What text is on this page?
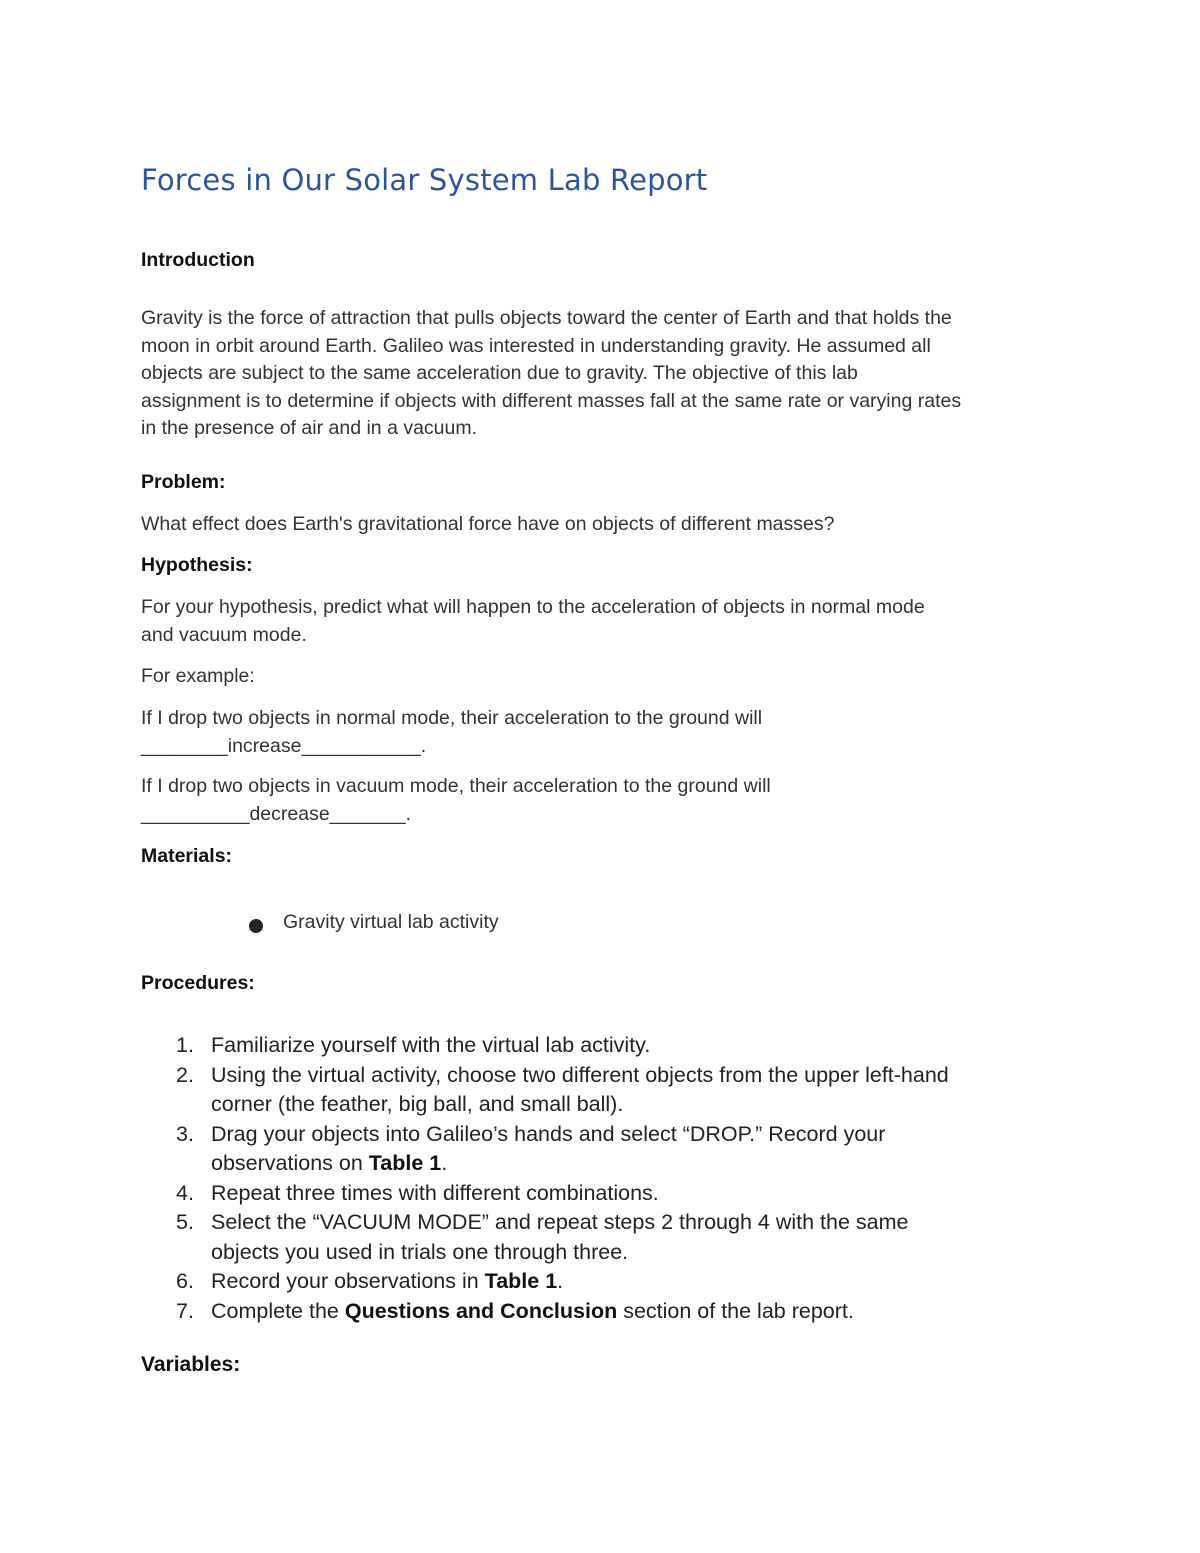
Forces in Our Solar System Lab Report
Introduction
Gravity is the force of attraction that pulls objects toward the center of Earth and that holds the
moon in orbit around Earth. Galileo was interested in understanding gravity. He assumed all
objects are subject to the same acceleration due to gravity. The objective of this lab
assignment is to determine if objects with different masses fall at the same rate or varying rates
in the presence of air and in a vacuum.
Problem:
What effect does Earth's gravitational force have on objects of different masses?
Hypothesis:
For your hypothesis, predict what will happen to the acceleration of objects in normal mode
and vacuum mode.
For example:
If I drop two objects in normal mode, their acceleration to the ground will
________increase___________.
If I drop two objects in vacuum mode, their acceleration to the ground will
__________decrease_______.
Materials:
Gravity virtual lab activity
Procedures:
1. Familiarize yourself with the virtual lab activity.
2. Using the virtual activity, choose two different objects from the upper left-hand
corner (the feather, big ball, and small ball).
3. Drag your objects into Galileo’s hands and select “DROP.” Record your
observations on Table 1.
4. Repeat three times with different combinations.
5. Select the “VACUUM MODE” and repeat steps 2 through 4 with the same
objects you used in trials one through three.
6. Record your observations in Table 1.
7. Complete the Questions and Conclusion section of the lab report.
Variables:
